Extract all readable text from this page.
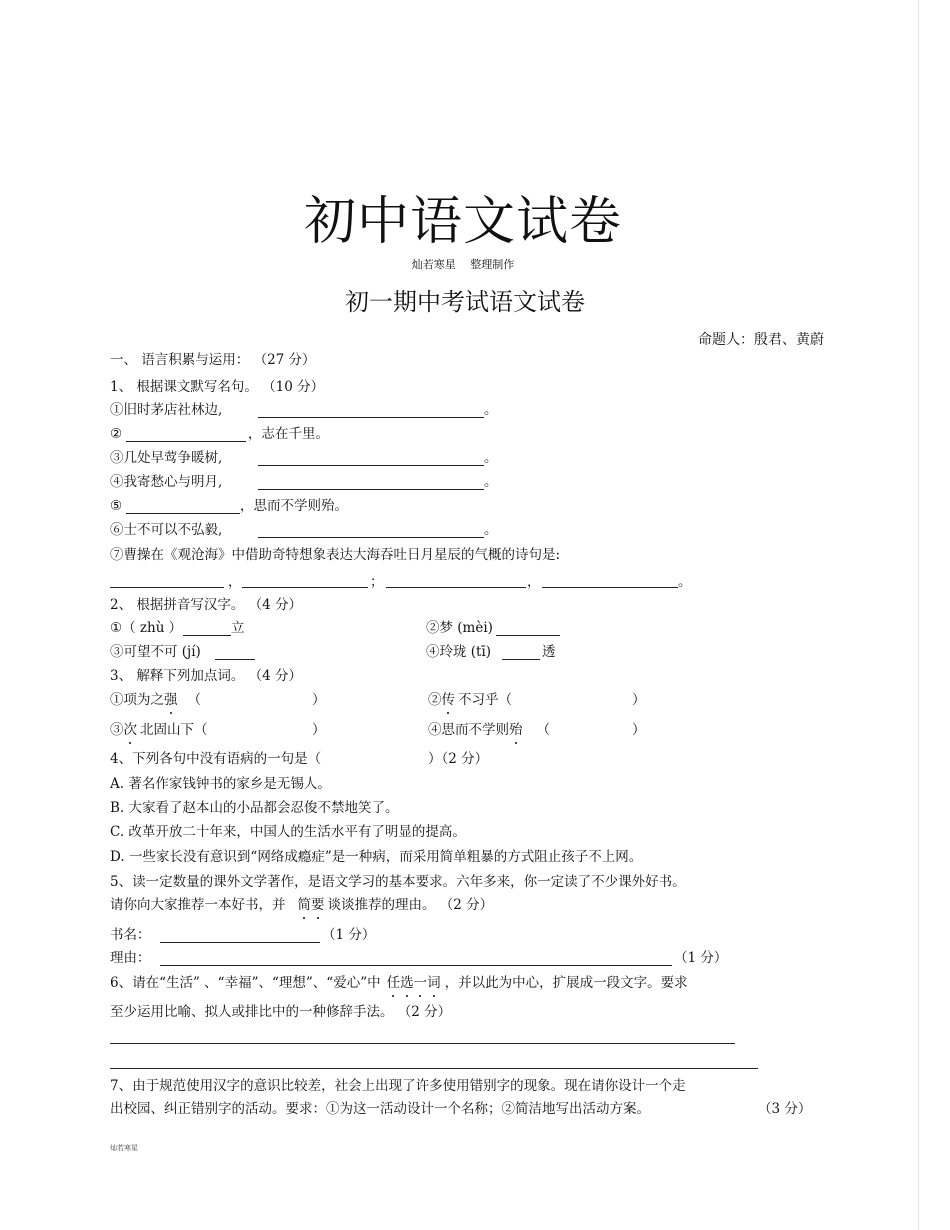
初中语文试卷
灿若寒星　 整理制作
初一期中考试语文试卷
命题人：殷君、黄蔚
一、 语言积累与运用： （27 分）
1、 根据课文默写名句。 （10 分）
①旧时茅店社林边,	。
②	，志在千里。
③几处早莺争暖树,	。
④我寄愁心与明月,	。
⑤	，思而不学则殆。
⑥士不可以不弘毅,	。
⑦曹操在《观沧海》中借助奇特想象表达大海吞吐日月星辰的气概的诗句是:
，	；	，	。
2、 根据拼音写汉字。 （4 分）
①（ zhù ）	立	②梦 (mèi)
③可望不可 (jí)	④玲珑 (tī)	透
3、 解释下列加点词。 （4 分）
①项为之强 （	）	②传 不习乎（	）
③次 北固山下（	）	④思而不学则殆 （	）
4、下列各句中没有语病的一句是（	）（2 分）
A. 著名作家钱钟书的家乡是无锡人。
B. 大家看了赵本山的小品都会忍俊不禁地笑了。
C. 改革开放二十年来，中国人的生活水平有了明显的提高。
D. 一些家长没有意识到“网络成瘾症”是一种病，而采用简单粗暴的方式阻止孩子不上网。
5、读一定数量的课外文学著作，是语文学习的基本要求。六年多来，你一定读了不少课外好书。
请你向大家推荐一本好书，并 简要 谈谈推荐的理由。 （2 分）
书名：	（1 分）
理由：	（1 分）
6、请在“生活” 、“幸福”、“理想”、“爱心”中 任选一词 ，并以此为中心，扩展成一段文字。要求
至少运用比喻、拟人或排比中的一种修辞手法。 （2 分）
7、由于规范使用汉字的意识比较差，社会上出现了许多使用错别字的现象。现在请你设计一个走
出校园、纠正错别字的活动。要求：①为这一活动设计一个名称；②简洁地写出活动方案。	（3 分）
灿若寒星
